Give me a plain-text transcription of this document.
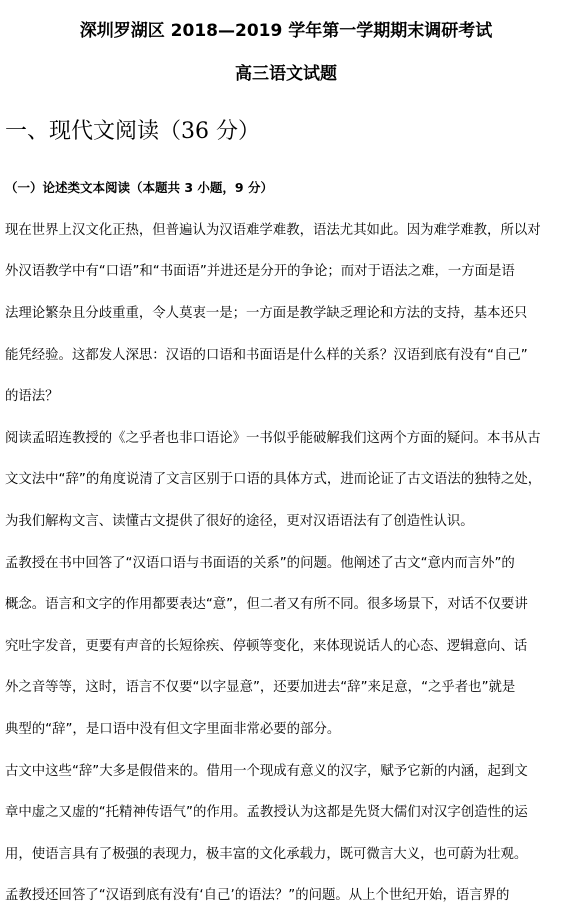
深圳罗湖区 2018—2019 学年第一学期期末调研考试
高三语文试题
一、现代文阅读（36 分）
（一）论述类文本阅读（本题共 3 小题，9 分）
现在世界上汉文化正热，但普遍认为汉语难学难教，语法尤其如此。因为难学难教，所以对
外汉语教学中有“口语”和“书面语”并进还是分开的争论；而对于语法之难，一方面是语
法理论繁杂且分歧重重，令人莫衷一是；一方面是教学缺乏理论和方法的支持，基本还只
能凭经验。这都发人深思：汉语的口语和书面语是什么样的关系？汉语到底有没有“自己”
的语法？
阅读孟昭连教授的《之乎者也非口语论》一书似乎能破解我们这两个方面的疑问。本书从古
文文法中“辞”的角度说清了文言区别于口语的具体方式，进而论证了古文语法的独特之处，
为我们解构文言、读懂古文提供了很好的途径，更对汉语语法有了创造性认识。
孟教授在书中回答了“汉语口语与书面语的关系”的问题。他阐述了古文“意内而言外”的
概念。语言和文字的作用都要表达“意”，但二者又有所不同。很多场景下，对话不仅要讲
究吐字发音，更要有声音的长短徐疾、停顿等变化，来体现说话人的心态、逻辑意向、话
外之音等等，这时，语言不仅要“以字显意”，还要加进去“辞”来足意，“之乎者也”就是
典型的“辞”，是口语中没有但文字里面非常必要的部分。
古文中这些“辞”大多是假借来的。借用一个现成有意义的汉字，赋予它新的内涵，起到文
章中虚之又虚的“托精神传语气”的作用。孟教授认为这都是先贤大儒们对汉字创造性的运
用，使语言具有了极强的表现力，极丰富的文化承载力，既可微言大义，也可蔚为壮观。
孟教授还回答了“汉语到底有没有‘自己’的语法？”的问题。从上个世纪开始，语言界的
